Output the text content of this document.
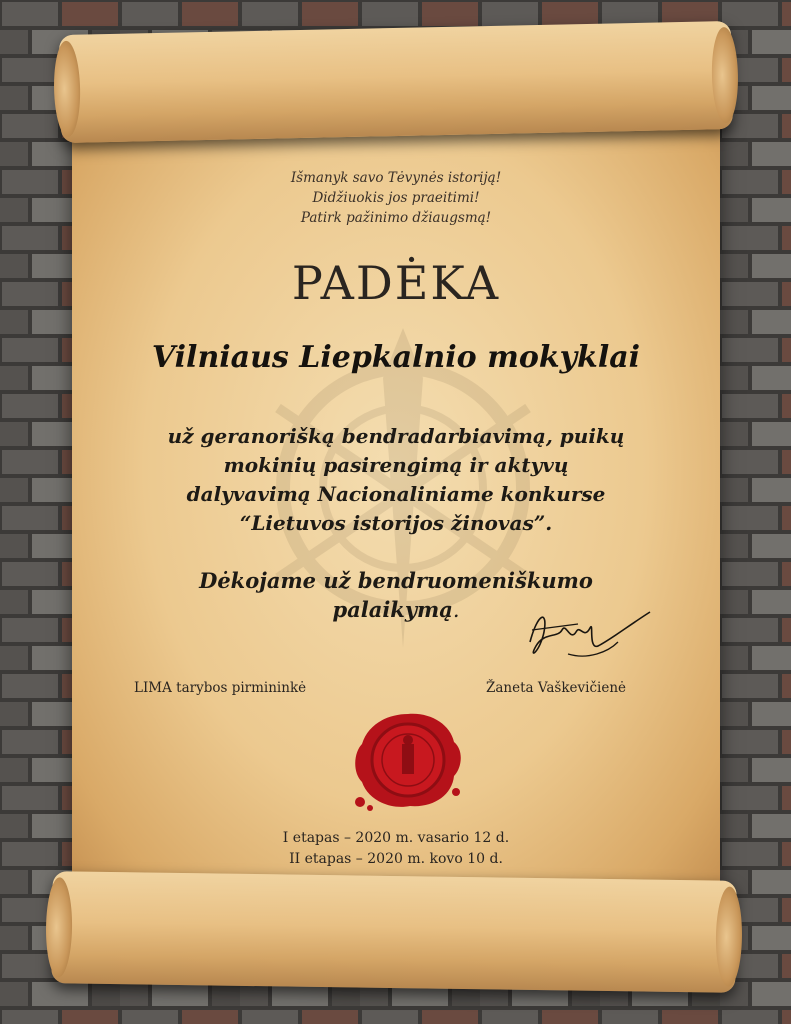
Išmanyk savo Tėvynės istoriją!
Didžiuokis jos praeitimi!
Patirk pažinimo džiaugsmą!
PADĖKA
Vilniaus Liepkalnio mokyklai
už geranorišką bendradarbiavimą, puikų
mokinių pasirengimą ir aktyvų
dalyvavimą Nacionaliniame konkurse
“Lietuvos istorijos žinovas”.
Dėkojame už bendruomeniškumo
palaikymą.
LIMA tarybos pirmininkė	Žaneta Vaškevičienė
I etapas – 2020 m. vasario 12 d.
II etapas – 2020 m. kovo 10 d.
